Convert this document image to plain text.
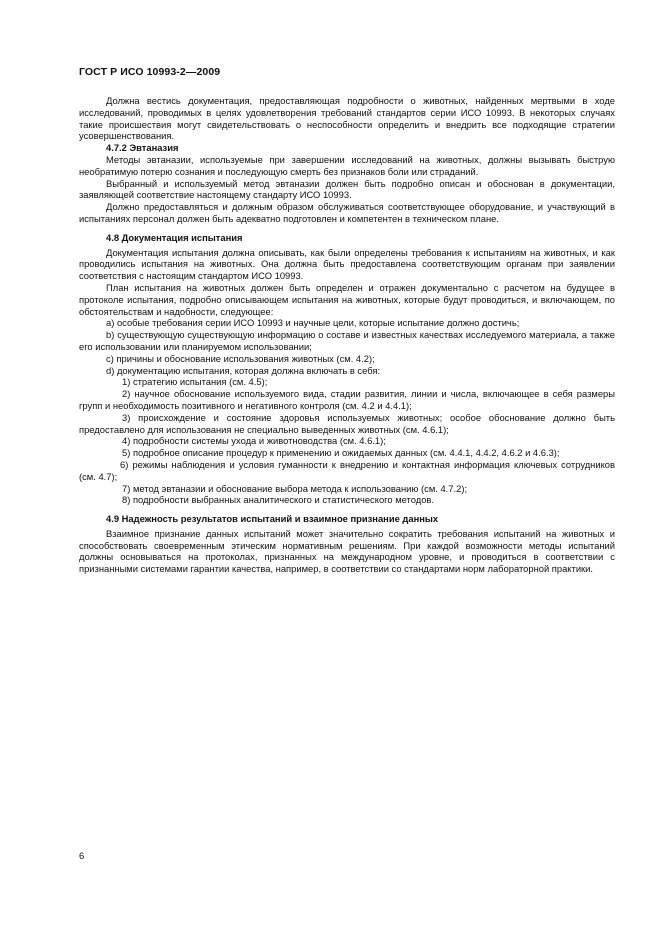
ГОСТ Р ИСО 10993-2—2009

Должна вестись документация, предоставляющая подробности о животных, найденных мертвыми в ходе исследований, проводимых в целях удовлетворения требований стандартов серии ИСО 10993. В некоторых случаях такие происшествия могут свидетельствовать о неспособности определить и внедрить все подходящие стратегии усовершенствования.

4.7.2 Эвтаназия

Методы эвтаназии, используемые при завершении исследований на животных, должны вызывать быструю необратимую потерю сознания и последующую смерть без признаков боли или страданий.

Выбранный и используемый метод эвтаназии должен быть подробно описан и обоснован в документации, заявляющей соответствие настоящему стандарту ИСО 10993.

Должно предоставляться и должным образом обслуживаться соответствующее оборудование, и участвующий в испытаниях персонал должен быть адекватно подготовлен и компетентен в техническом плане.

4.8 Документация испытания

Документация испытания должна описывать, как были определены требования к испытаниям на животных, и как проводились испытания на животных. Она должна быть предоставлена соответствующим органам при заявлении соответствия с настоящим стандартом ИСО 10993.

План испытания на животных должен быть определен и отражен документально с расчетом на будущее в протоколе испытания, подробно описывающем испытания на животных, которые будут проводиться, и включающем, по обстоятельствам и надобности, следующее:

a) особые требования серии ИСО 10993 и научные цели, которые испытание должно достичь;

b) существующую существующую информацию о составе и известных качествах исследуемого материала, а также его использовании или планируемом использовании;

c) причины и обоснование использования животных (см. 4.2);

d) документацию испытания, которая должна включать в себя:

1) стратегию испытания (см. 4.5);

2) научное обоснование используемого вида, стадии развития, линии и числа, включающее в себя размеры групп и необходимость позитивного и негативного контроля (см. 4.2 и 4.4.1);

3) происхождение и состояние здоровья используемых животных; особое обоснование должно быть предоставлено для использования не специально выведенных животных (см. 4.6.1);

4) подробности системы ухода и животноводства (см. 4.6.1);

5) подробное описание процедур к применению и ожидаемых данных (см. 4.4.1, 4.4.2, 4.6.2 и 4.6.3);

6) режимы наблюдения и условия гуманности к внедрению и контактная информация ключевых сотрудников (см. 4.7);

7) метод эвтаназии и обоснование выбора метода к использованию (см. 4.7.2);

8) подробности выбранных аналитического и статистического методов.

4.9 Надежность результатов испытаний и взаимное признание данных

Взаимное признание данных испытаний может значительно сократить требования испытаний на животных и способствовать своевременным этическим нормативным решениям. При каждой возможности методы испытаний должны основываться на протоколах, признанных на международном уровне, и проводиться в соответствии с признанными системами гарантии качества, например, в соответствии со стандартами норм лабораторной практики.

6
